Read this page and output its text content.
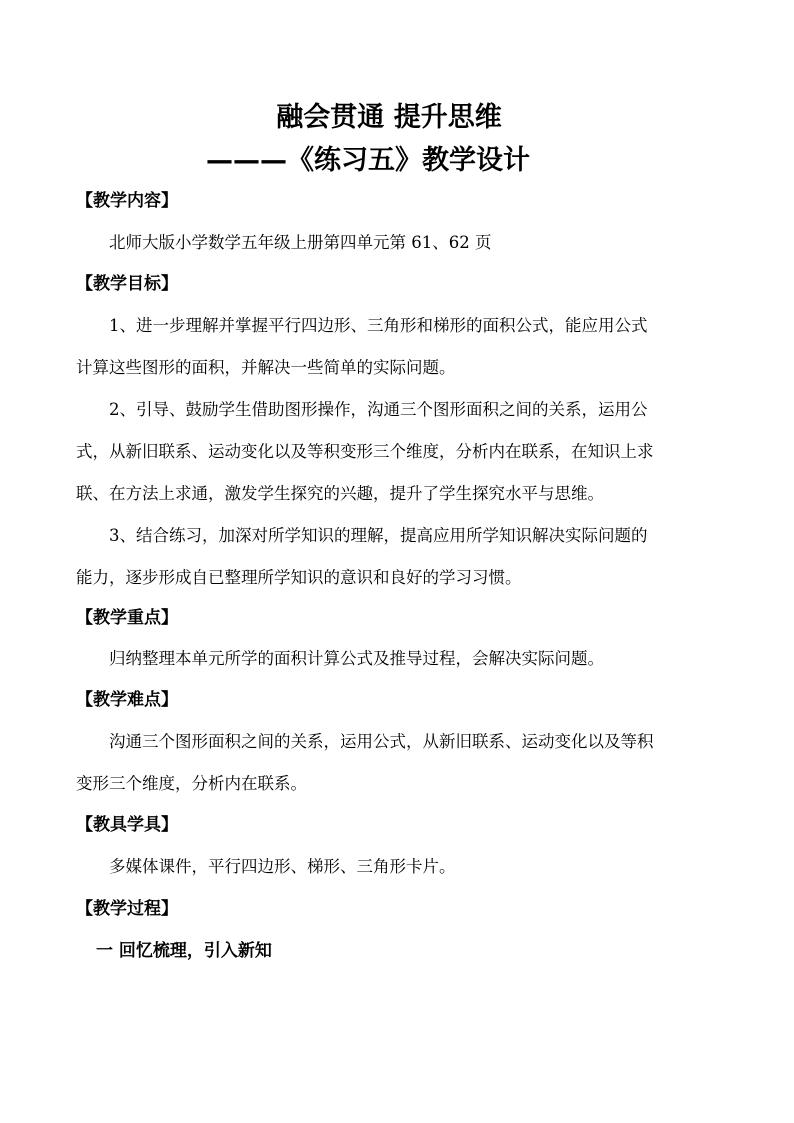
融会贯通 提升思维
———《练习五》教学设计
【教学内容】
北师大版小学数学五年级上册第四单元第 61、62 页
【教学目标】
1、进一步理解并掌握平行四边形、三角形和梯形的面积公式，能应用公式
计算这些图形的面积，并解决一些简单的实际问题。
2、引导、鼓励学生借助图形操作，沟通三个图形面积之间的关系，运用公
式，从新旧联系、运动变化以及等积变形三个维度，分析内在联系，在知识上求
联、在方法上求通，激发学生探究的兴趣，提升了学生探究水平与思维。
3、结合练习，加深对所学知识的理解，提高应用所学知识解决实际问题的
能力，逐步形成自已整理所学知识的意识和良好的学习习惯。
【教学重点】
归纳整理本单元所学的面积计算公式及推导过程，会解决实际问题。
【教学难点】
沟通三个图形面积之间的关系，运用公式，从新旧联系、运动变化以及等积
变形三个维度，分析内在联系。
【教具学具】
多媒体课件，平行四边形、梯形、三角形卡片。
【教学过程】
一 回忆梳理，引入新知
